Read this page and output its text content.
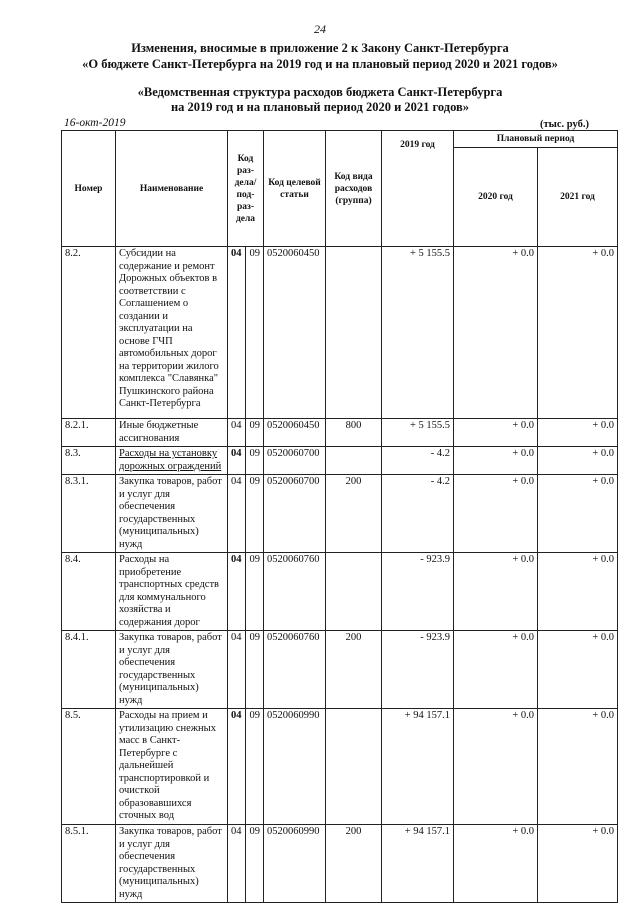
24
Изменения, вносимые в приложение 2 к Закону Санкт-Петербурга
«О бюджете Санкт-Петербурга на 2019 год и на плановый период 2020 и 2021 годов»
«Ведомственная структура расходов бюджета Санкт-Петербурга
на 2019 год и на плановый период 2020 и 2021 годов»
16-окт-2019	(тыс. руб.)
Номер	Наименование	Код раз- дела/ под- раз- дела		Код целевой статьи	Код вида расходов (группа)	2019 год	Плановый период	
							2020 год	2021 год
8.2.	Субсидии на содержание и ремонт Дорожных объектов в соответствии с Соглашением о создании и эксплуатации на основе ГЧП автомобильных дорог на территории жилого комплекса "Славянка" Пушкинского района Санкт-Петербурга	04	09	0520060450		+ 5 155.5	+ 0.0	+ 0.0
8.2.1.	Иные бюджетные ассигнования	04	09	0520060450	800	+ 5 155.5	+ 0.0	+ 0.0
8.3.	Расходы на установку дорожных ограждений	04	09	0520060700		- 4.2	+ 0.0	+ 0.0
8.3.1.	Закупка товаров, работ и услуг для обеспечения государственных (муниципальных) нужд	04	09	0520060700	200	- 4.2	+ 0.0	+ 0.0
8.4.	Расходы на приобретение транспортных средств для коммунального хозяйства и содержания дорог	04	09	0520060760		- 923.9	+ 0.0	+ 0.0
8.4.1.	Закупка товаров, работ и услуг для обеспечения государственных (муниципальных) нужд	04	09	0520060760	200	- 923.9	+ 0.0	+ 0.0
8.5.	Расходы на прием и утилизацию снежных масс в Санкт-Петербурге с дальнейшей транспортировкой и очисткой образовавшихся сточных вод	04	09	0520060990		+ 94 157.1	+ 0.0	+ 0.0
8.5.1.	Закупка товаров, работ и услуг для обеспечения государственных (муниципальных) нужд	04	09	0520060990	200	+ 94 157.1	+ 0.0	+ 0.0
